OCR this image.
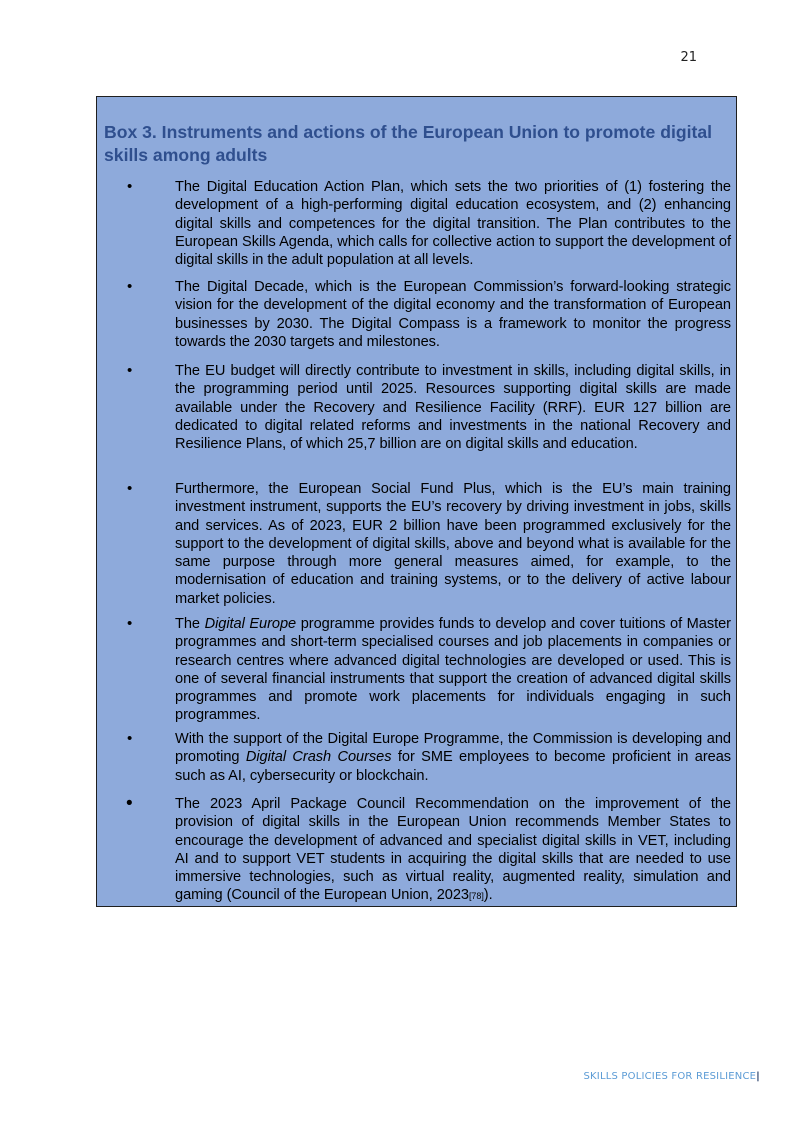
21
Box 3. Instruments and actions of the European Union to promote digital skills among adults
•	The Digital Education Action Plan, which sets the two priorities of (1) fostering the development of a high-performing digital education ecosystem, and (2) enhancing digital skills and competences for the digital transition. The Plan contributes to the European Skills Agenda, which calls for collective action to support the development of digital skills in the adult population at all levels.

•	The Digital Decade, which is the European Commission’s forward-looking strategic vision for the development of the digital economy and the transformation of European businesses by 2030. The Digital Compass is a framework to monitor the progress towards the 2030 targets and milestones.

•	The EU budget will directly contribute to investment in skills, including digital skills, in the programming period until 2025. Resources supporting digital skills are made available under the Recovery and Resilience Facility (RRF). EUR 127 billion are dedicated to digital related reforms and investments in the national Recovery and Resilience Plans, of which 25,7 billion are on digital skills and education.

•	Furthermore, the European Social Fund Plus, which is the EU’s main training investment instrument, supports the EU’s recovery by driving investment in jobs, skills and services. As of 2023, EUR 2 billion have been programmed exclusively for the support to the development of digital skills, above and beyond what is available for the same purpose through more general measures aimed, for example, to the modernisation of education and training systems, or to the delivery of active labour market policies.

•	The Digital Europe programme provides funds to develop and cover tuitions of Master programmes and short-term specialised courses and job placements in companies or research centres where advanced digital technologies are developed or used. This is one of several financial instruments that support the creation of advanced digital skills programmes and promote work placements for individuals engaging in such programmes.

•	With the support of the Digital Europe Programme, the Commission is developing and promoting Digital Crash Courses for SME employees to become proficient in areas such as AI, cybersecurity or blockchain.

•	The 2023 April Package Council Recommendation on the improvement of the provision of digital skills in the European Union recommends Member States to encourage the development of advanced and specialist digital skills in VET, including AI and to support VET students in acquiring the digital skills that are needed to use immersive technologies, such as virtual reality, augmented reality, simulation and gaming (Council of the European Union, 2023[78]).

SKILLS POLICIES FOR RESILIENCE|
